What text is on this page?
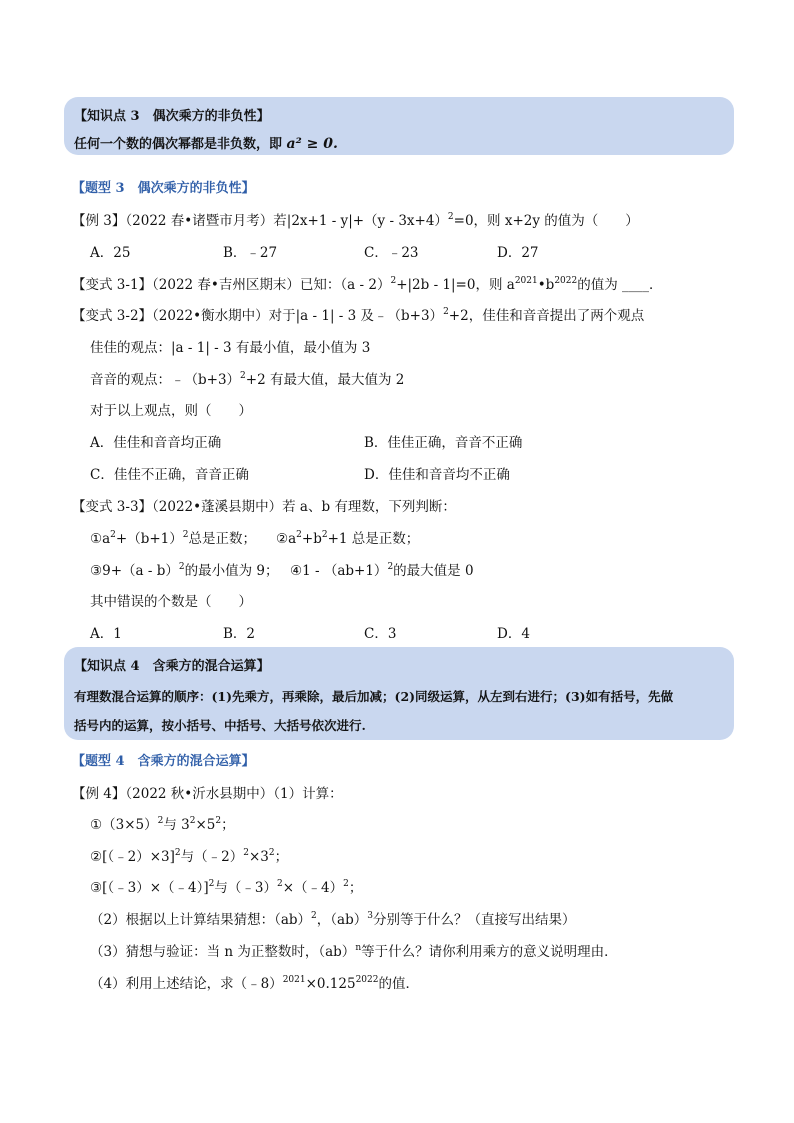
【知识点 3　偶次乘方的非负性】
任何一个数的偶次幂都是非负数，即 a² ≥ 0.
【题型 3　偶次乘方的非负性】
【例 3】（2022 春•诸暨市月考）若$|2x+1 - y|+(y - 3x+4)^2=0$，则 x+2y 的值为（　　）
A．25	B．﹣27	C．﹣23	D．27
【变式 3-1】（2022 春•吉州区期末）已知：（a - 2）$^2$+|2b - 1|=0，则 $a^{2021}•b^{2022}$的值为 ____．
【变式 3-2】（2022•衡水期中）对于|a - 1| - 3 及$﹣(b+3)^2+2$，佳佳和音音提出了两个观点
佳佳的观点：|a - 1| - 3 有最小值，最小值为 3
音音的观点：$﹣(b+3)^2+2$ 有最大值，最大值为 2
对于以上观点，则（　　）
A．佳佳和音音均正确	B．佳佳正确，音音不正确
C．佳佳不正确，音音正确	D．佳佳和音音均不正确
【变式 3-3】（2022•蓬溪县期中）若 a、b 有理数，下列判断：
$①a^2+(b+1)^2$总是正数； $②a^2+b^2+1$ 总是正数；
③9+（a - b）$^2$的最小值为 9； ④1 - $(ab+1)^2$的最大值是 0
其中错误的个数是（　　）
A．1	B．2	C．3	D．4
【知识点 4　含乘方的混合运算】
有理数混合运算的顺序：(1)先乘方，再乘除，最后加减；(2)同级运算，从左到右进行；(3)如有括号，先做
括号内的运算，按小括号、中括号、大括号依次进行.
【题型 4　含乘方的混合运算】
【例 4】（2022 秋•沂水县期中）（1）计算：
$①(3\times 5)^2$与 $3^2\times 5^2$；
②[（﹣2）×3]$^2$与$(﹣2)^2\times 3^2$；
③[（﹣3）×（﹣4）]$^2$与（﹣3）$^2$×（﹣4）$^2$；
（2）根据以上计算结果猜想：（ab）$^2$，（ab）$^3$分别等于什么？（直接写出结果）
（3）猜想与验证：当 n 为正整数时，（ab）$^n$等于什么？请你利用乘方的意义说明理由．
（4）利用上述结论，求$(﹣8)^{2021}\times 0.125^{2022}$的值．
